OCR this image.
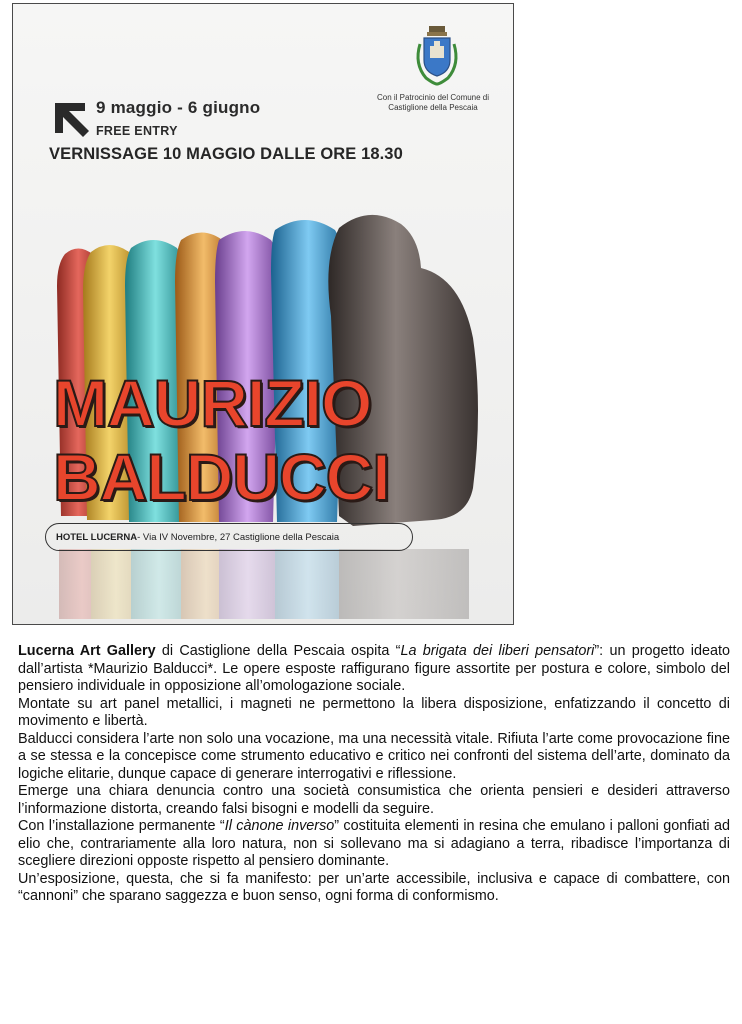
9 maggio - 6 giugno
FREE ENTRY
VERNISSAGE 10 MAGGIO DALLE ORE 18.30
Con il Patrocinio del Comune di Castiglione della Pescaia
MAURIZIO
BALDUCCI
HOTEL LUCERNA - Via IV Novembre, 27 Castiglione della Pescaia

Lucerna Art Gallery di Castiglione della Pescaia ospita “La brigata dei liberi pensatori”: un progetto ideato dall’artista *Maurizio Balducci*. Le opere esposte raffigurano figure assortite per postura e colore, simbolo del pensiero individuale in opposizione all’omologazione sociale.

Montate su art panel metallici, i magneti ne permettono la libera disposizione, enfatizzando il concetto di movimento e libertà.

Balducci considera l’arte non solo una vocazione, ma una necessità vitale. Rifiuta l’arte come provocazione fine a se stessa e la concepisce come strumento educativo e critico nei confronti del sistema dell’arte, dominato da logiche elitarie, dunque capace di generare interrogativi e riflessione.

Emerge una chiara denuncia contro una società consumistica che orienta pensieri e desideri attraverso l’informazione distorta, creando falsi bisogni e modelli da seguire.

Con l’installazione permanente “Il cànone inverso” costituita elementi in resina che emulano i palloni gonfiati ad elio che, contrariamente alla loro natura, non si sollevano ma si adagiano a terra, ribadisce l’importanza di scegliere direzioni opposte rispetto al pensiero dominante.

Un’esposizione, questa, che si fa manifesto: per un’arte accessibile, inclusiva e capace di combattere, con “cannoni” che sparano saggezza e buon senso, ogni forma di conformismo.
